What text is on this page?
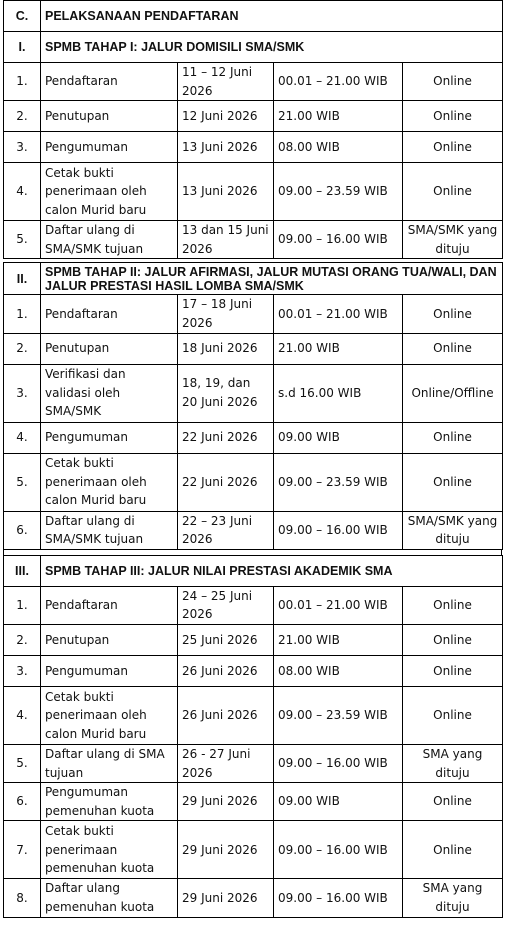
C.	PELAKSANAAN PENDAFTARAN			
I.	SPMB TAHAP I: JALUR DOMISILI SMA/SMK			
1.	Pendaftaran	11 – 12 Juni 2026	00.01 – 21.00 WIB	Online
2.	Penutupan	12 Juni 2026	21.00 WIB	Online
3.	Pengumuman	13 Juni 2026	08.00 WIB	Online
4.	Cetak bukti penerimaan oleh calon Murid baru	13 Juni 2026	09.00 – 23.59 WIB	Online
5.	Daftar ulang di SMA/SMK tujuan	13 dan 15 Juni 2026	09.00 – 16.00 WIB	SMA/SMK yang dituju
II.	SPMB TAHAP II: JALUR AFIRMASI, JALUR MUTASI ORANG TUA/WALI, DAN JALUR PRESTASI HASIL LOMBA SMA/SMK			
1.	Pendaftaran	17 – 18 Juni 2026	00.01 – 21.00 WIB	Online
2.	Penutupan	18 Juni 2026	21.00 WIB	Online
3.	Verifikasi dan validasi oleh SMA/SMK	18, 19, dan 20 Juni 2026	s.d 16.00 WIB	Online/Offline
4.	Pengumuman	22 Juni 2026	09.00 WIB	Online
5.	Cetak bukti penerimaan oleh calon Murid baru	22 Juni 2026	09.00 – 23.59 WIB	Online
6.	Daftar ulang di SMA/SMK tujuan	22 – 23 Juni 2026	09.00 – 16.00 WIB	SMA/SMK yang dituju
III.	SPMB TAHAP III: JALUR NILAI PRESTASI AKADEMIK SMA			
1.	Pendaftaran	24 – 25 Juni 2026	00.01 – 21.00 WIB	Online
2.	Penutupan	25 Juni 2026	21.00 WIB	Online
3.	Pengumuman	26 Juni 2026	08.00 WIB	Online
4.	Cetak bukti penerimaan oleh calon Murid baru	26 Juni 2026	09.00 – 23.59 WIB	Online
5.	Daftar ulang di SMA tujuan	26 - 27 Juni 2026	09.00 – 16.00 WIB	SMA yang dituju
6.	Pengumuman pemenuhan kuota	29 Juni 2026	09.00 WIB	Online
7.	Cetak bukti penerimaan pemenuhan kuota	29 Juni 2026	09.00 – 16.00 WIB	Online
8.	Daftar ulang pemenuhan kuota	29 Juni 2026	09.00 – 16.00 WIB	SMA yang dituju
